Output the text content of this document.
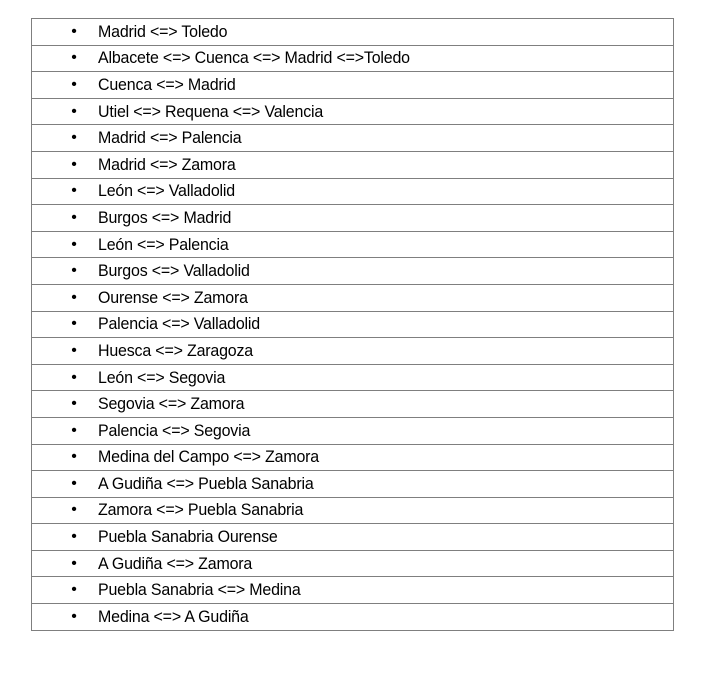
•	Madrid <=> Toledo

•	Albacete <=> Cuenca <=> Madrid <=>Toledo

•	Cuenca <=> Madrid

•	Utiel <=> Requena <=> Valencia

•	Madrid <=> Palencia

•	Madrid <=> Zamora

•	León <=> Valladolid

•	Burgos <=> Madrid

•	León <=> Palencia

•	Burgos <=> Valladolid

•	Ourense <=> Zamora

•	Palencia <=> Valladolid

•	Huesca <=> Zaragoza

•	León <=> Segovia

•	Segovia <=> Zamora

•	Palencia <=> Segovia

•	Medina del Campo <=> Zamora

•	A Gudiña <=> Puebla Sanabria

•	Zamora <=> Puebla Sanabria

•	Puebla Sanabria Ourense

•	A Gudiña <=> Zamora

•	Puebla Sanabria <=> Medina

•	Medina <=> A Gudiña
